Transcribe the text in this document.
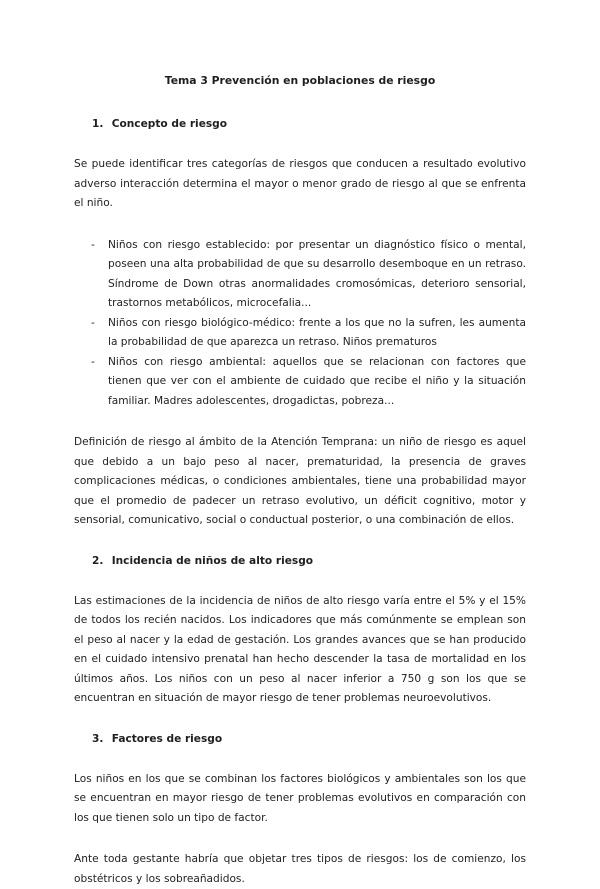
Tema 3 Prevención en poblaciones de riesgo
1. Concepto de riesgo

Se puede identificar tres categorías de riesgos que conducen a resultado evolutivo adverso interacción determina el mayor o menor grado de riesgo al que se enfrenta el niño.

- Niños con riesgo establecido: por presentar un diagnóstico físico o mental, poseen una alta probabilidad de que su desarrollo desemboque en un retraso. Síndrome de Down otras anormalidades cromosómicas, deterioro sensorial, trastornos metabólicos, microcefalia...
- Niños con riesgo biológico-médico: frente a los que no la sufren, les aumenta la probabilidad de que aparezca un retraso. Niños prematuros
- Niños con riesgo ambiental: aquellos que se relacionan con factores que tienen que ver con el ambiente de cuidado que recibe el niño y la situación familiar. Madres adolescentes, drogadictas, pobreza...

Definición de riesgo al ámbito de la Atención Temprana: un niño de riesgo es aquel que debido a un bajo peso al nacer, prematuridad, la presencia de graves complicaciones médicas, o condiciones ambientales, tiene una probabilidad mayor que el promedio de padecer un retraso evolutivo, un déficit cognitivo, motor y sensorial, comunicativo, social o conductual posterior, o una combinación de ellos.

2. Incidencia de niños de alto riesgo

Las estimaciones de la incidencia de niños de alto riesgo varía entre el 5% y el 15% de todos los recién nacidos. Los indicadores que más comúnmente se emplean son el peso al nacer y la edad de gestación. Los grandes avances que se han producido en el cuidado intensivo prenatal han hecho descender la tasa de mortalidad en los últimos años. Los niños con un peso al nacer inferior a 750 g son los que se encuentran en situación de mayor riesgo de tener problemas neuroevolutivos.

3. Factores de riesgo

Los niños en los que se combinan los factores biológicos y ambientales son los que se encuentran en mayor riesgo de tener problemas evolutivos en comparación con los que tienen solo un tipo de factor.

Ante toda gestante habría que objetar tres tipos de riesgos: los de comienzo, los obstétricos y los sobreañadidos.
